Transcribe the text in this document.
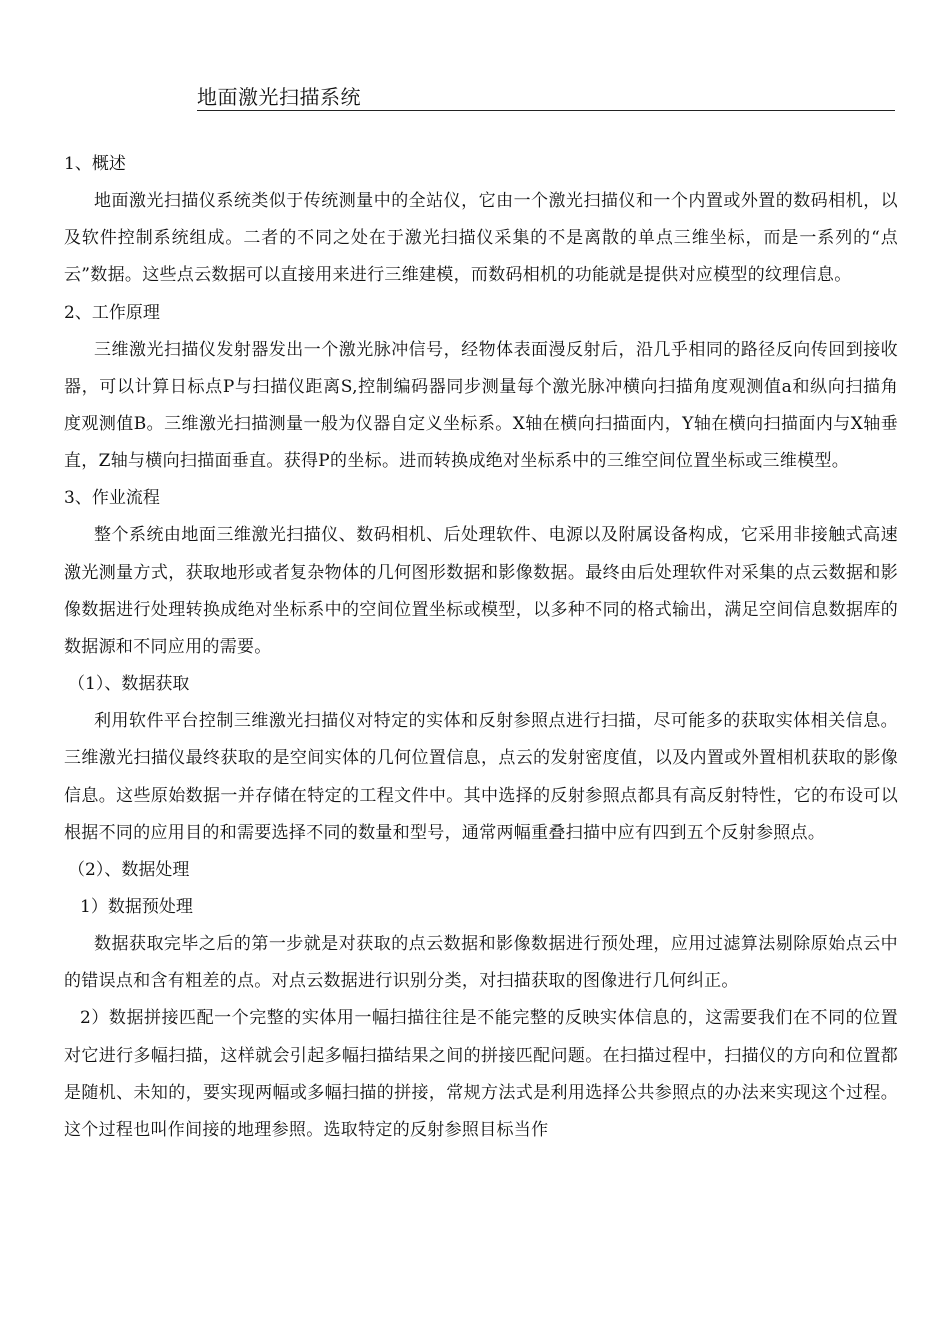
地面激光扫描系统
1、概述

地面激光扫描仪系统类似于传统测量中的全站仪，它由一个激光扫描仪和一个内置或外置的数码相机，以及软件控制系统组成。二者的不同之处在于激光扫描仪采集的不是离散的单点三维坐标，而是一系列的“点云”数据。这些点云数据可以直接用来进行三维建模，而数码相机的功能就是提供对应模型的纹理信息。

2、工作原理

三维激光扫描仪发射器发出一个激光脉冲信号，经物体表面漫反射后，沿几乎相同的路径反向传回到接收器，可以计算日标点P与扫描仪距离S,控制编码器同步测量每个激光脉冲横向扫描角度观测值a和纵向扫描角度观测值B。三维激光扫描测量一般为仪器自定义坐标系。X轴在横向扫描面内，Y轴在横向扫描面内与X轴垂直，Z轴与横向扫描面垂直。获得P的坐标。进而转换成绝对坐标系中的三维空间位置坐标或三维模型。

3、作业流程

整个系统由地面三维激光扫描仪、数码相机、后处理软件、电源以及附属设备构成，它采用非接触式高速激光测量方式，获取地形或者复杂物体的几何图形数据和影像数据。最终由后处理软件对采集的点云数据和影像数据进行处理转换成绝对坐标系中的空间位置坐标或模型，以多种不同的格式输出，满足空间信息数据库的数据源和不同应用的需要。

（1）、数据获取

利用软件平台控制三维激光扫描仪对特定的实体和反射参照点进行扫描，尽可能多的获取实体相关信息。三维激光扫描仪最终获取的是空间实体的几何位置信息，点云的发射密度值，以及内置或外置相机获取的影像信息。这些原始数据一并存储在特定的工程文件中。其中选择的反射参照点都具有高反射特性，它的布设可以根据不同的应用目的和需要选择不同的数量和型号，通常两幅重叠扫描中应有四到五个反射参照点。

（2）、数据处理
1）数据预处理

数据获取完毕之后的第一步就是对获取的点云数据和影像数据进行预处理，应用过滤算法剔除原始点云中的错误点和含有粗差的点。对点云数据进行识别分类，对扫描获取的图像进行几何纠正。

2）数据拼接匹配一个完整的实体用一幅扫描往往是不能完整的反映实体信息的，这需要我们在不同的位置对它进行多幅扫描，这样就会引起多幅扫描结果之间的拼接匹配问题。在扫描过程中，扫描仪的方向和位置都是随机、未知的，要实现两幅或多幅扫描的拼接，常规方法式是利用选择公共参照点的办法来实现这个过程。这个过程也叫作间接的地理参照。选取特定的反射参照目标当作
